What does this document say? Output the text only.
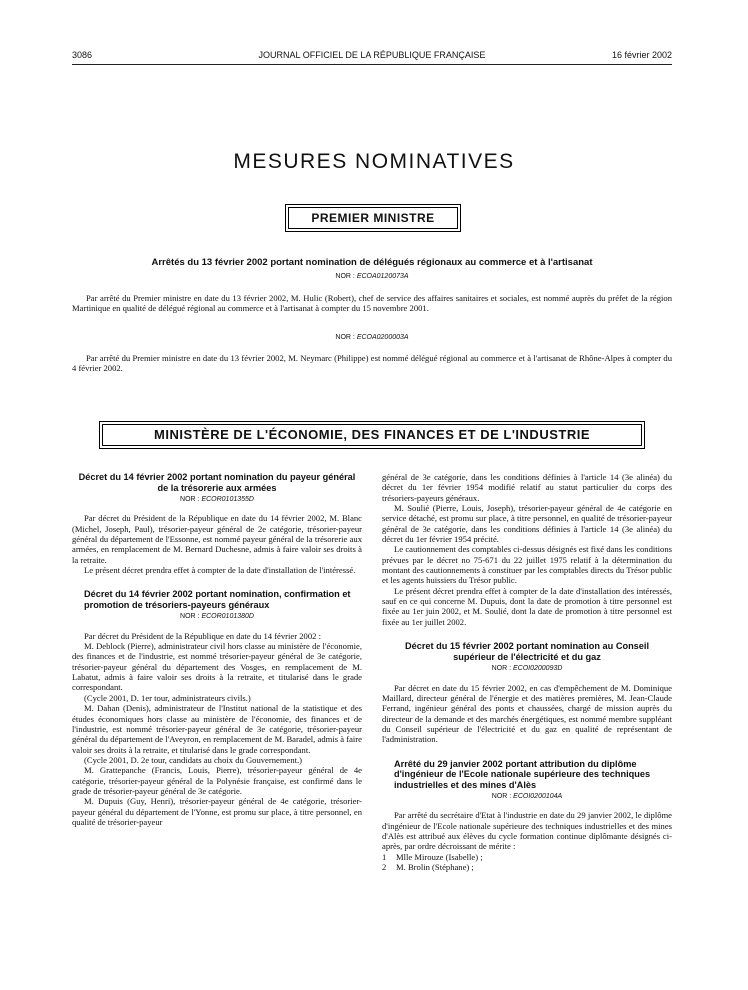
3086	JOURNAL OFFICIEL DE LA RÉPUBLIQUE FRANÇAISE	16 février 2002
MESURES NOMINATIVES
PREMIER MINISTRE
Arrêtés du 13 février 2002 portant nomination de délégués régionaux au commerce et à l'artisanat
NOR : ECOA0120073A

Par arrêté du Premier ministre en date du 13 février 2002, M. Hulic (Robert), chef de service des affaires sanitaires et sociales, est nommé auprès du préfet de la région Martinique en qualité de délégué régional au commerce et à l'artisanat à compter du 15 novembre 2001.

NOR : ECOA0200003A

Par arrêté du Premier ministre en date du 13 février 2002, M. Neymarc (Philippe) est nommé délégué régional au commerce et à l'artisanat de Rhône-Alpes à compter du 4 février 2002.

MINISTÈRE DE L'ÉCONOMIE, DES FINANCES ET DE L'INDUSTRIE
Décret du 14 février 2002 portant nomination du payeur général de la trésorerie aux armées
NOR : ECOR0101355D

Par décret du Président de la République en date du 14 février 2002, M. Blanc (Michel, Joseph, Paul), trésorier-payeur général de 2e catégorie, trésorier-payeur général du département de l'Essonne, est nommé payeur général de la trésorerie aux armées, en remplacement de M. Bernard Duchesne, admis à faire valoir ses droits à la retraite.

Le présent décret prendra effet à compter de la date d'installation de l'intéressé.

Décret du 14 février 2002 portant nomination, confirmation et promotion de trésoriers-payeurs généraux
NOR : ECOR0101380D

Par décret du Président de la République en date du 14 février 2002 :

M. Deblock (Pierre), administrateur civil hors classe au ministère de l'économie, des finances et de l'industrie, est nommé trésorier-payeur général de 3e catégorie, trésorier-payeur général du département des Vosges, en remplacement de M. Labatut, admis à faire valoir ses droits à la retraite, et titularisé dans le grade correspondant.

(Cycle 2001, D. 1er tour, administrateurs civils.)

M. Dahan (Denis), administrateur de l'Institut national de la statistique et des études économiques hors classe au ministère de l'économie, des finances et de l'industrie, est nommé trésorier-payeur général de 3e catégorie, trésorier-payeur général du département de l'Aveyron, en remplacement de M. Baradel, admis à faire valoir ses droits à la retraite, et titularisé dans le grade correspondant.

(Cycle 2001, D. 2e tour, candidats au choix du Gouvernement.)

M. Grattepanche (Francis, Louis, Pierre), trésorier-payeur général de 4e catégorie, trésorier-payeur général de la Polynésie française, est confirmé dans le grade de trésorier-payeur général de 3e catégorie.

M. Dupuis (Guy, Henri), trésorier-payeur général de 4e catégorie, trésorier-payeur général du département de l'Yonne, est promu sur place, à titre personnel, en qualité de trésorier-payeur

général de 3e catégorie, dans les conditions définies à l'article 14 (3e alinéa) du décret du 1er février 1954 modifié relatif au statut particulier du corps des trésoriers-payeurs généraux.

M. Soulié (Pierre, Louis, Joseph), trésorier-payeur général de 4e catégorie en service détaché, est promu sur place, à titre personnel, en qualité de trésorier-payeur général de 3e catégorie, dans les conditions définies à l'article 14 (3e alinéa) du décret du 1er février 1954 précité.

Le cautionnement des comptables ci-dessus désignés est fixé dans les conditions prévues par le décret no 75-671 du 22 juillet 1975 relatif à la détermination du montant des cautionnements à constituer par les comptables directs du Trésor public et les agents huissiers du Trésor public.

Le présent décret prendra effet à compter de la date d'installation des intéressés, sauf en ce qui concerne M. Dupuis, dont la date de promotion à titre personnel est fixée au 1er juin 2002, et M. Soulié, dont la date de promotion à titre personnel est fixée au 1er juillet 2002.

Décret du 15 février 2002 portant nomination au Conseil supérieur de l'électricité et du gaz
NOR : ECOI0200093D

Par décret en date du 15 février 2002, en cas d'empêchement de M. Dominique Maillard, directeur général de l'énergie et des matières premières, M. Jean-Claude Ferrand, ingénieur général des ponts et chaussées, chargé de mission auprès du directeur de la demande et des marchés énergétiques, est nommé membre suppléant du Conseil supérieur de l'électricité et du gaz en qualité de représentant de l'administration.

Arrêté du 29 janvier 2002 portant attribution du diplôme d'ingénieur de l'Ecole nationale supérieure des techniques industrielles et des mines d'Alès
NOR : ECOI0200104A

Par arrêté du secrétaire d'Etat à l'industrie en date du 29 janvier 2002, le diplôme d'ingénieur de l'Ecole nationale supérieure des techniques industrielles et des mines d'Alès est attribué aux élèves du cycle formation continue diplômante désignés ci-après, par ordre décroissant de mérite :

1 Mlle Mirouze (Isabelle) ;

2 M. Brolin (Stéphane) ;
